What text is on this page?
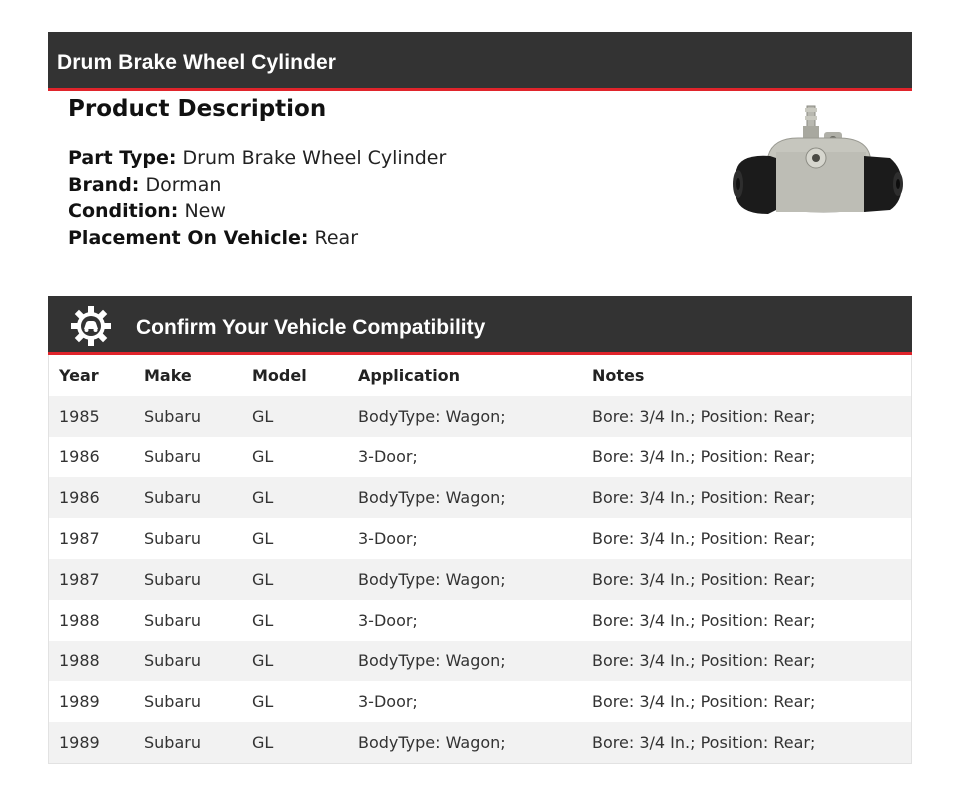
Drum Brake Wheel Cylinder
Product Description
Part Type: Drum Brake Wheel Cylinder
Brand: Dorman
Condition: New
Placement On Vehicle: Rear
Confirm Your Vehicle Compatibility
Year	Make	Model	Application	Notes
1985	Subaru	GL	BodyType: Wagon;	Bore: 3/4 In.; Position: Rear;
1986	Subaru	GL	3-Door;	Bore: 3/4 In.; Position: Rear;
1986	Subaru	GL	BodyType: Wagon;	Bore: 3/4 In.; Position: Rear;
1987	Subaru	GL	3-Door;	Bore: 3/4 In.; Position: Rear;
1987	Subaru	GL	BodyType: Wagon;	Bore: 3/4 In.; Position: Rear;
1988	Subaru	GL	3-Door;	Bore: 3/4 In.; Position: Rear;
1988	Subaru	GL	BodyType: Wagon;	Bore: 3/4 In.; Position: Rear;
1989	Subaru	GL	3-Door;	Bore: 3/4 In.; Position: Rear;
1989	Subaru	GL	BodyType: Wagon;	Bore: 3/4 In.; Position: Rear;
